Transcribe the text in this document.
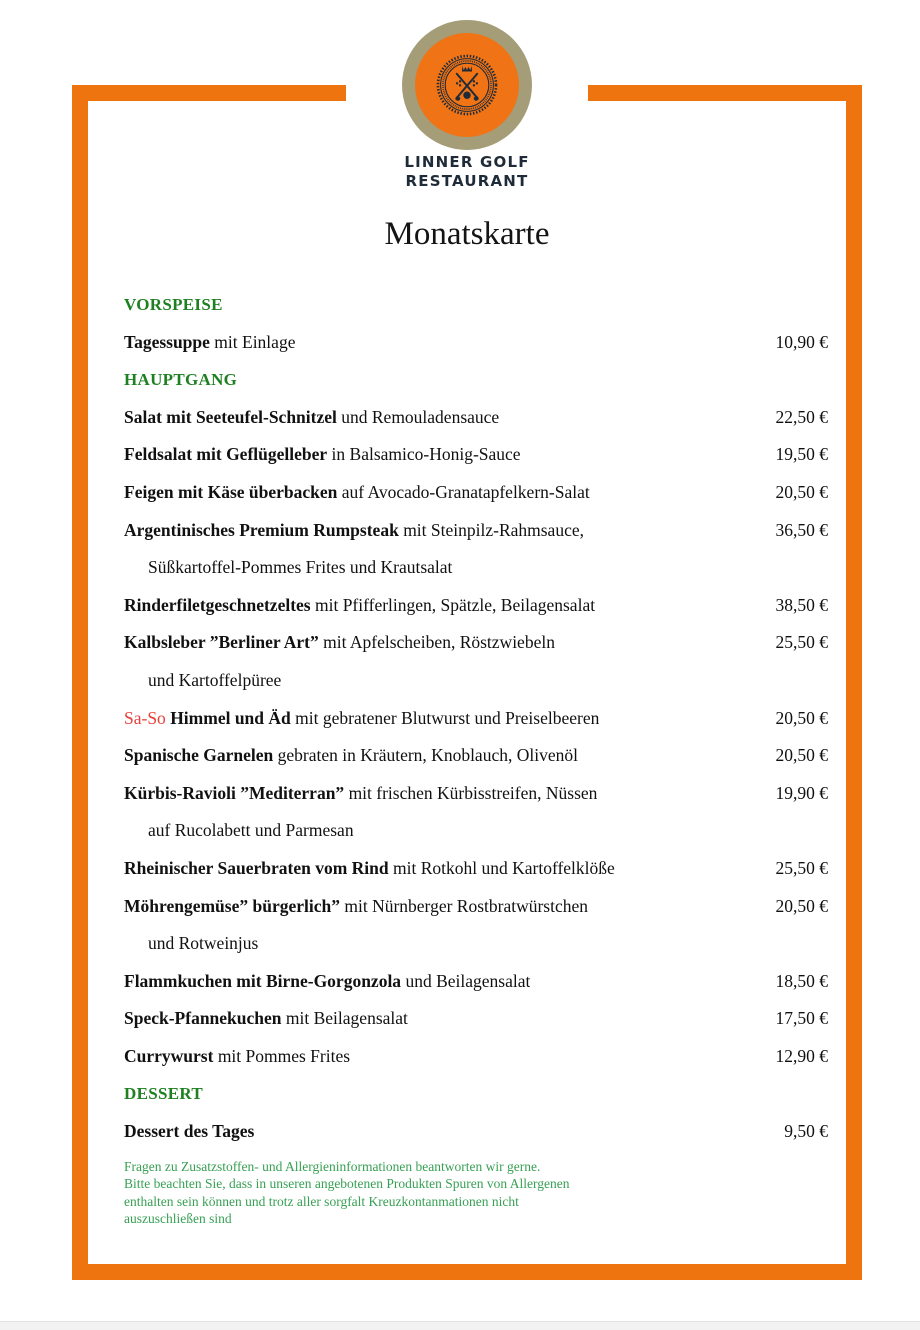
LINNER GOLF
RESTAURANT
Monatskarte
VORSPEISE
Tagessuppe mit Einlage	10,90 €
HAUPTGANG
Salat mit Seeteufel-Schnitzel und Remouladensauce	22,50 €
Feldsalat mit Geflügelleber in Balsamico-Honig-Sauce	19,50 €
Feigen mit Käse überbacken auf Avocado-Granatapfelkern-Salat	20,50 €
Argentinisches Premium Rumpsteak mit Steinpilz-Rahmsauce,	36,50 €
Süßkartoffel-Pommes Frites und Krautsalat
Rinderfiletgeschnetzeltes mit Pfifferlingen, Spätzle, Beilagensalat	38,50 €
Kalbsleber ”Berliner Art” mit Apfelscheiben, Röstzwiebeln	25,50 €
und Kartoffelpüree
Sa-So Himmel und Äd mit gebratener Blutwurst und Preiselbeeren	20,50 €
Spanische Garnelen gebraten in Kräutern, Knoblauch, Olivenöl	20,50 €
Kürbis-Ravioli ”Mediterran” mit frischen Kürbisstreifen, Nüssen	19,90 €
auf Rucolabett und Parmesan
Rheinischer Sauerbraten vom Rind mit Rotkohl und Kartoffelklöße	25,50 €
Möhrengemüse” bürgerlich” mit Nürnberger Rostbratwürstchen	20,50 €
und Rotweinjus
Flammkuchen mit Birne-Gorgonzola und Beilagensalat	18,50 €
Speck-Pfannekuchen mit Beilagensalat	17,50 €
Currywurst mit Pommes Frites	12,90 €
DESSERT
Dessert des Tages	9,50 €
Fragen zu Zusatzstoffen- und Allergieninformationen beantworten wir gerne.
Bitte beachten Sie, dass in unseren angebotenen Produkten Spuren von Allergenen
enthalten sein können und trotz aller sorgfalt Kreuzkontanmationen nicht
auszuschließen sind
